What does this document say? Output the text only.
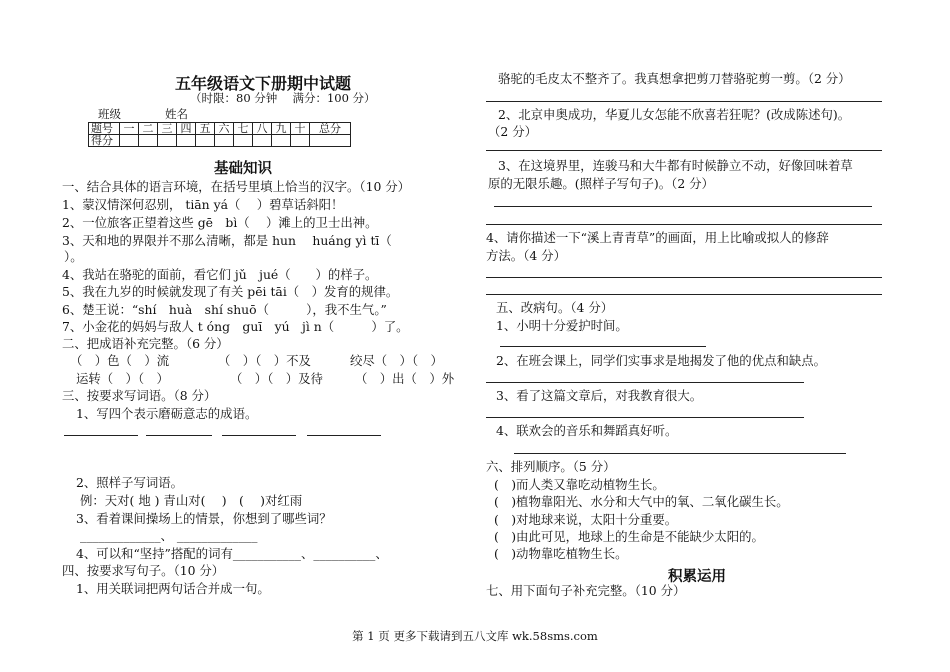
五年级语文下册期中试题
（时限：80 分钟　 满分：100 分）
班级	姓名
题号	一	二	三	四	五	六	七	八	九	十	总分
得分											
基础知识
一、结合具体的语言环境，在括号里填上恰当的汉字。（10 分）
1、蒙汉情深何忍别， tiān yá（　 ）碧草话斜阳！
2、一位旅客正望着这些 gē　bì（　 ）滩上的卫士出神。
3、天和地的界限并不那么清晰，都是 hun　 huáng yì tī（　
）。
4、我站在骆驼的面前，看它们 jǔ　jué（　　）的样子。
5、我在九岁的时候就发现了有关 pēi tāi（　）发育的规律。
6、楚王说：“shí　huà　shí shuō（　　　），我不生气。”
7、小金花的妈妈与敌人 t óng　guī　yú　jì n（　　　）了。
二、把成语补充完整。（6 分）
（　）色（　）流	（　）（　）不及	绞尽（　）（　）
运转（　）（　）	（　）（　）及待	（　）出（　）外
三、按要求写词语。（8 分）
1、写四个表示磨砺意志的成语。
2、照样子写词语。
例：天对( 地 ) 青山对(　 )　(　 )对红雨
3、看着课间操场上的情景，你想到了哪些词？
_____________、 _____________
4、可以和“坚持”搭配的词有___________、__________、
四、按要求写句子。（10 分）
1、用关联词把两句话合并成一句。
骆驼的毛皮太不整齐了。我真想拿把剪刀替骆驼剪一剪。（2 分）
2、北京申奥成功，华夏儿女怎能不欣喜若狂呢？(改成陈述句)。
（2 分）
3、在这境界里，连骏马和大牛都有时候静立不动，好像回味着草
原的无限乐趣。(照样子写句子)。（2 分）
4、请你描述一下“溪上青青草”的画面，用上比喻或拟人的修辞
方法。（4 分）
五、改病句。（4 分）
1、小明十分爱护时间。
2、在班会课上，同学们实事求是地揭发了他的优点和缺点。
3、看了这篇文章后，对我教育很大。
4、联欢会的音乐和舞蹈真好听。
六、排列顺序。（5 分）
(　)而人类又靠吃动植物生长。
(　)植物靠阳光、水分和大气中的氧、二氧化碳生长。
(　)对地球来说，太阳十分重要。
(　)由此可见，地球上的生命是不能缺少太阳的。
(　)动物靠吃植物生长。
积累运用
七、用下面句子补充完整。（10 分）
第 1 页 更多下载请到五八文库 wk.58sms.com
